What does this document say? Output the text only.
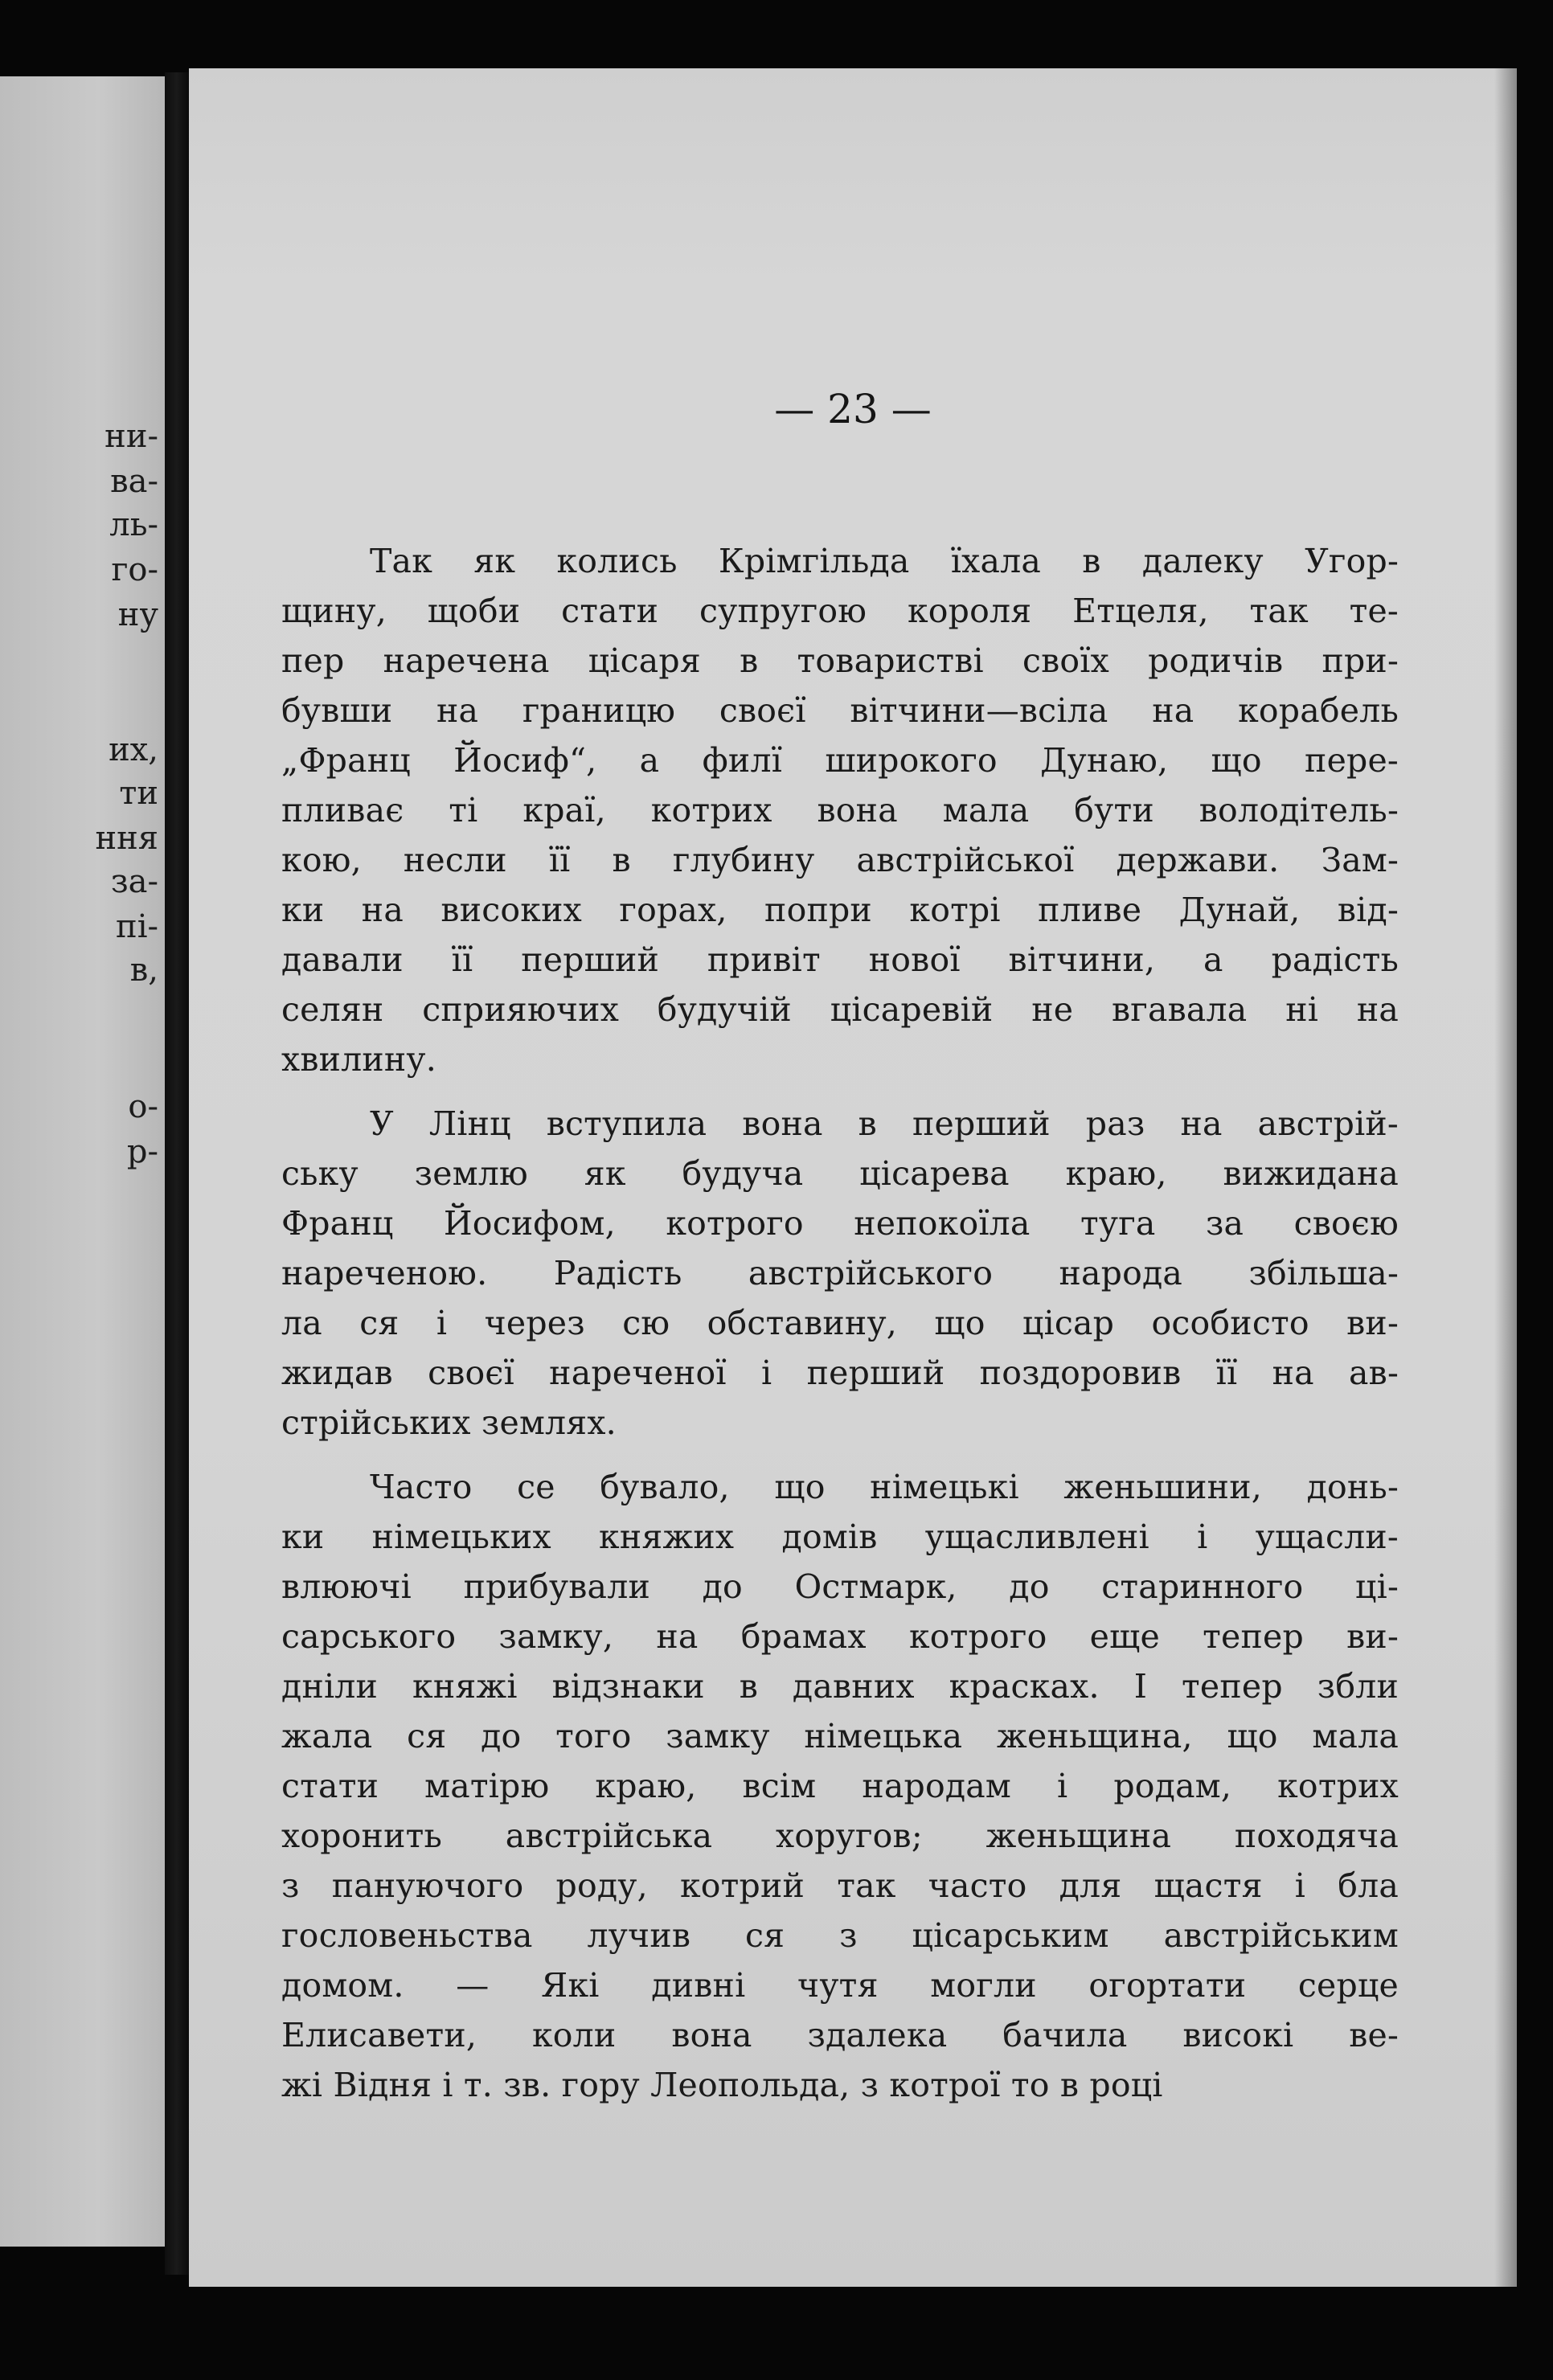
ни-
ва-
ль-
го-
ну
их,
ти
ння
за-
пі-
в,
о-
р-

— 23 —

Так як колись Крімгільда їхала в далеку Угор-
щину, щоби стати супругою короля Етцеля, так те-
пер наречена цісаря в товаристві своїх родичів при-
бувши на границю своєї вітчини—всіла на корабель
„Франц Йосиф“, а филї широкого Дунаю, що пере-
пливає ті краї, котрих вона мала бути володітель-
кою, несли її в глубину австрійської держави. Зам-
ки на високих горах, попри котрі пливе Дунай, від-
давали її перший привіт нової вітчини, а радість
селян сприяючих будучій цісаревій не вгавала ні на
хвилину.
У Лінц вступила вона в перший раз на австрій-
ську землю як будуча цісарева краю, вижидана
Франц Йосифом, котрого непокоїла туга за своєю
нареченою. Радість австрійського народа збільша-
ла ся і через сю обставину, що цісар особисто ви-
жидав своєї нареченої і перший поздоровив її на ав-
стрійських землях.
Часто се бувало, що німецькі женьшини, донь-
ки німецьких княжих домів ущасливлені і ущасли-
влюючі прибували до Остмарк, до старинного ці-
сарського замку, на брамах котрого еще тепер ви-
дніли княжі відзнаки в давних красках. І тепер збли
жала ся до того замку німецька женьщина, що мала
стати матірю краю, всім народам і родам, котрих
хоронить австрійська хоругов; женьщина походяча
з пануючого роду, котрий так часто для щастя і бла
гословеньства лучив ся з цісарським австрійським
домом. — Які дивні чутя могли огортати серце
Елисавети, коли вона здалека бачила високі ве-
жі Відня і т. зв. гору Леопольда, з котрої то в році
